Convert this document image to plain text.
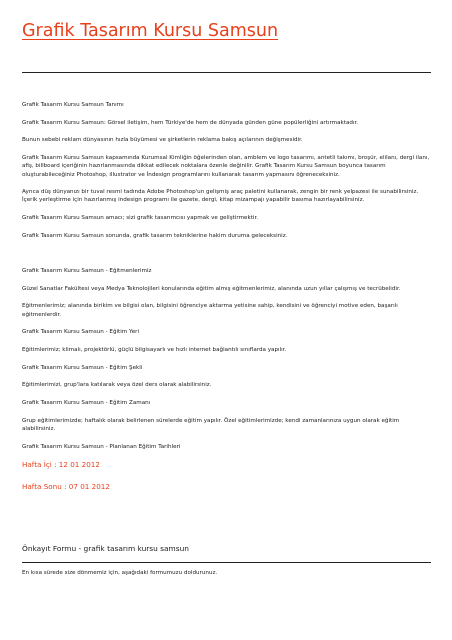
Grafik Tasarım Kursu Samsun

Grafik Tasarım Kursu Samsun Tanımı

Grafik Tasarım Kursu Samsun: Görsel iletişim, hem Türkiye'de hem de dünyada günden güne popülerliğini artırmaktadır.

Bunun sebebi reklam dünyasının hızla büyümesi ve şirketlerin reklama bakış açılarının değişmesidir.

Grafik Tasarım Kursu Samsun kapsamında Kurumsal Kimliğin öğelerinden olan, amblem ve logo tasarımı, antetli takımı, broşür, elilanı, dergi ilanı, afiş, billboard içeriğinin hazırlanmasında dikkat edilecek noktalara özenle değinilir. Grafik Tasarım Kursu Samsun boyunca tasarım oluşturabileceğiniz Photoshop, illustrator ve İndesign programlarını kullanarak tasarım yapmasını öğreneceksiniz.

Ayrıca düş dünyanızı bir tuval resmi tadında Adobe Photoshop'un gelişmiş araç paletini kullanarak, zengin bir renk yelpazesi ile sunabilirsiniz. İçerik yerleştirme için hazırlanmış indesign programı ile gazete, dergi, kitap mizampajı yapabilir basıma hazırlayabilirsiniz.

Grafik Tasarım Kursu Samsun amacı; sizi grafik tasarımcısı yapmak ve geliştirmektir.

Grafik Tasarım Kursu Samsun sonunda, grafik tasarım tekniklerine hakim duruma geleceksiniz.

Grafik Tasarım Kursu Samsun - Eğitmenlerimiz

Güzel Sanatlar Fakültesi veya Medya Teknolojileri konularında eğitim almış eğitmenlerimiz, alanında uzun yıllar çalışmış ve tecrübelidir.

Eğitmenlerimiz; alanında birikim ve bilgisi olan, bilgisini öğrenciye aktarma yetisine sahip, kendisini ve öğrenciyi motive eden, başarılı eğitmenlerdir.

Grafik Tasarım Kursu Samsun - Eğitim Yeri

Eğitimlerimiz; klimalı, projektörlü, güçlü bilgisayarlı ve hızlı internet bağlantılı sınıflarda yapılır.

Grafik Tasarım Kursu Samsun - Eğitim Şekli

Eğitimlerimizi, grup'lara katılarak veya özel ders olarak alabilirsiniz.

Grafik Tasarım Kursu Samsun - Eğitim Zamanı

Grup eğitimlerimizde; haftalık olarak belirlenen sürelerde eğitim yapılır. Özel eğitimlerimizde; kendi zamanlarınıza uygun olarak eğitim alabilirsiniz.

Grafik Tasarım Kursu Samsun - Planlanan Eğitim Tarihleri

Hafta İçi : 12 01 2012

Hafta Sonu : 07 01 2012

Önkayıt Formu - grafik tasarım kursu samsun

En kısa sürede size dönmemiz için, aşağıdaki formumuzu doldurunuz.
